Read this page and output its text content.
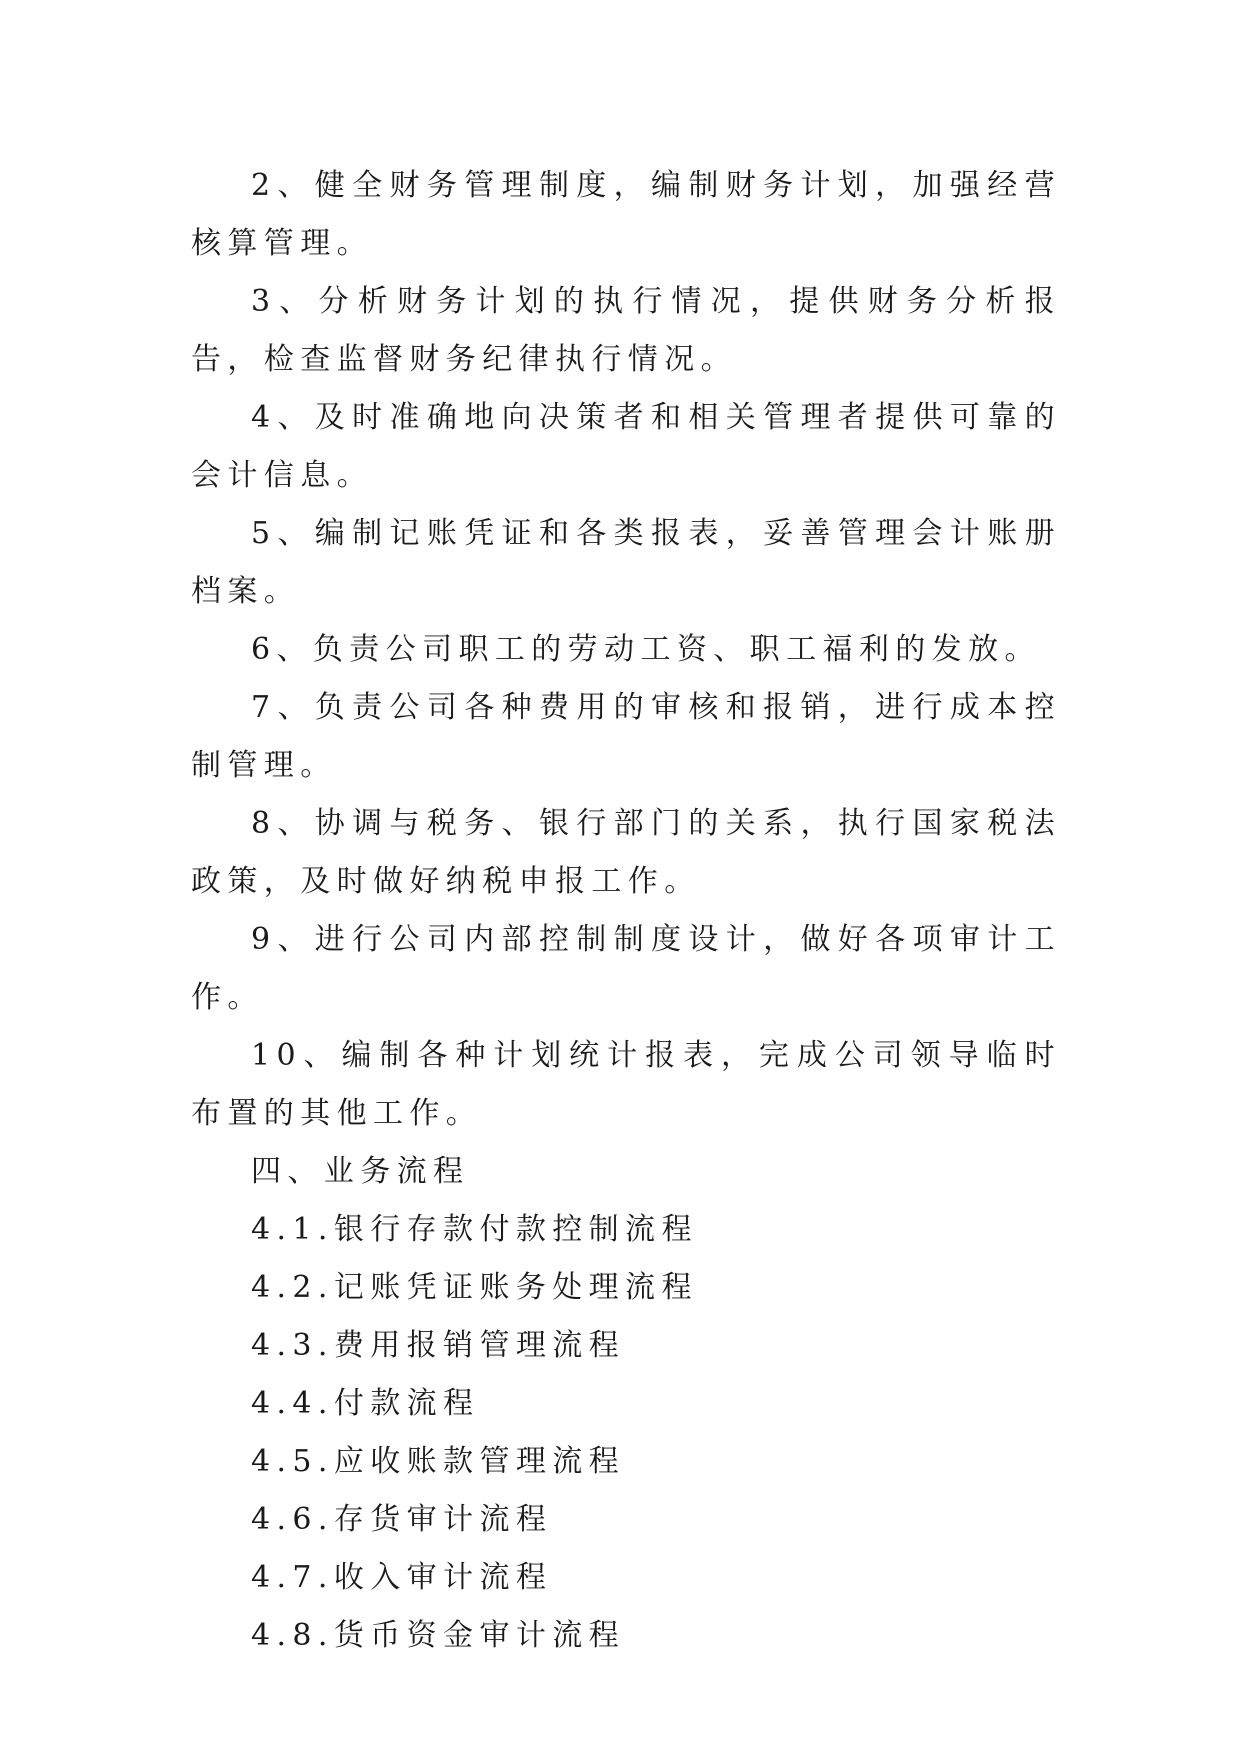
2、健全财务管理制度，编制财务计划，加强经营核算管理。

3、分析财务计划的执行情况，提供财务分析报告，检查监督财务纪律执行情况。

4、及时准确地向决策者和相关管理者提供可靠的会计信息。

5、编制记账凭证和各类报表，妥善管理会计账册档案。

6、负责公司职工的劳动工资、职工福利的发放。

7、负责公司各种费用的审核和报销，进行成本控制管理。

8、协调与税务、银行部门的关系，执行国家税法政策，及时做好纳税申报工作。

9、进行公司内部控制制度设计，做好各项审计工作。

10、编制各种计划统计报表，完成公司领导临时布置的其他工作。

四、业务流程

4.1.银行存款付款控制流程
4.2.记账凭证账务处理流程
4.3.费用报销管理流程
4.4.付款流程
4.5.应收账款管理流程
4.6.存货审计流程
4.7.收入审计流程
4.8.货币资金审计流程
